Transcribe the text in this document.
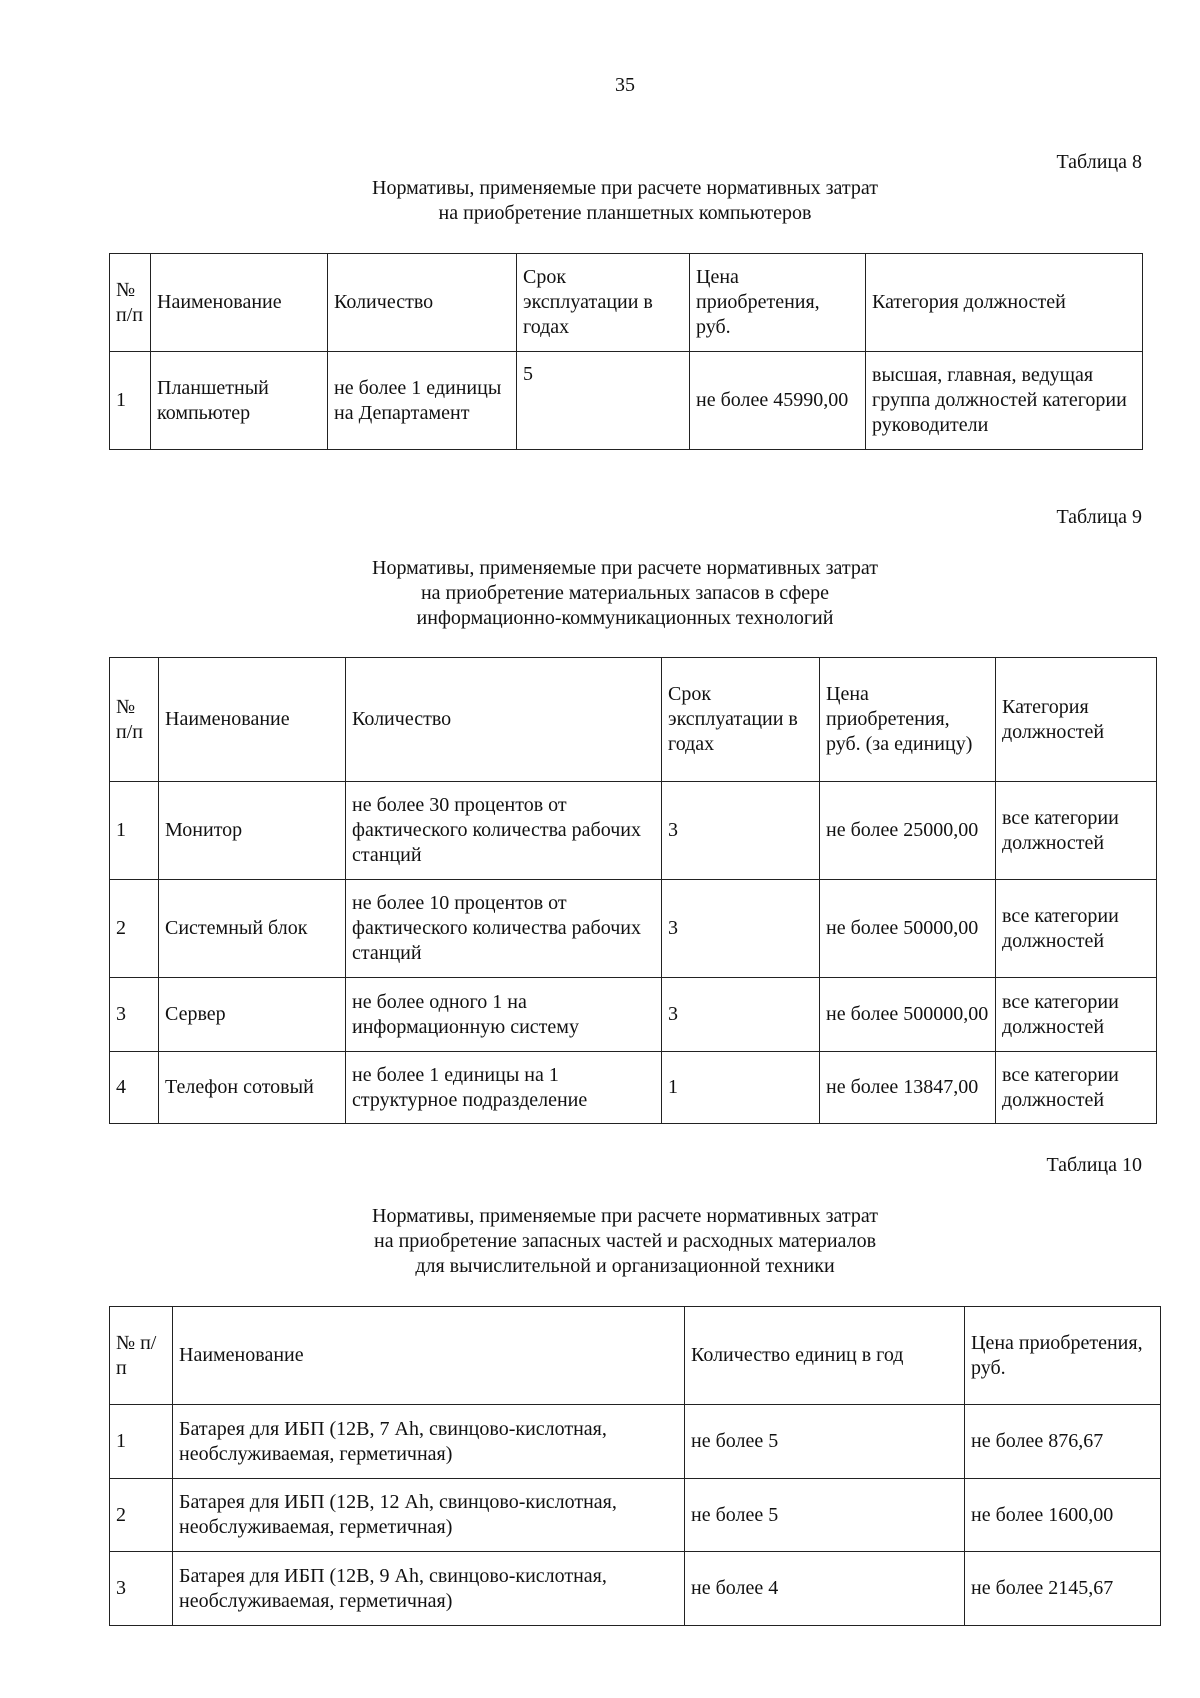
35
Таблица 8
Нормативы, применяемые при расчете нормативных затрат
на приобретение планшетных компьютеров
№ п/п	Наименование	Количество	Срок эксплуатации в годах	Цена приобретения, руб.	Категория должностей
1	Планшетный компьютер	не более 1 единицы на Департамент	5	не более 45990,00	высшая, главная, ведущая группа должностей категории руководители
Таблица 9
Нормативы, применяемые при расчете нормативных затрат
на приобретение материальных запасов в сфере
информационно-коммуникационных технологий
№ п/п	Наименование	Количество	Срок эксплуатации в годах	Цена приобретения, руб. (за единицу)	Категория должностей
1	Монитор	не более 30 процентов от фактического количества рабочих станций	3	не более 25000,00	все категории должностей
2	Системный блок	не более 10 процентов от фактического количества рабочих станций	3	не более 50000,00	все категории должностей
3	Сервер	не более одного 1 на информационную систему	3	не более 500000,00	все категории должностей
4	Телефон сотовый	не более 1 единицы на 1 структурное подразделение	1	не более 13847,00	все категории должностей
Таблица 10
Нормативы, применяемые при расчете нормативных затрат
на приобретение запасных частей и расходных материалов
для вычислительной и организационной техники
№ п/п	Наименование	Количество единиц в год	Цена приобретения, руб.
1	Батарея для ИБП (12В, 7 Ah, свинцово-кислотная, необслуживаемая, герметичная)	не более 5	не более 876,67
2	Батарея для ИБП (12В, 12 Ah, свинцово-кислотная, необслуживаемая, герметичная)	не более 5	не более 1600,00
3	Батарея для ИБП (12В, 9 Ah, свинцово-кислотная, необслуживаемая, герметичная)	не более 4	не более 2145,67
